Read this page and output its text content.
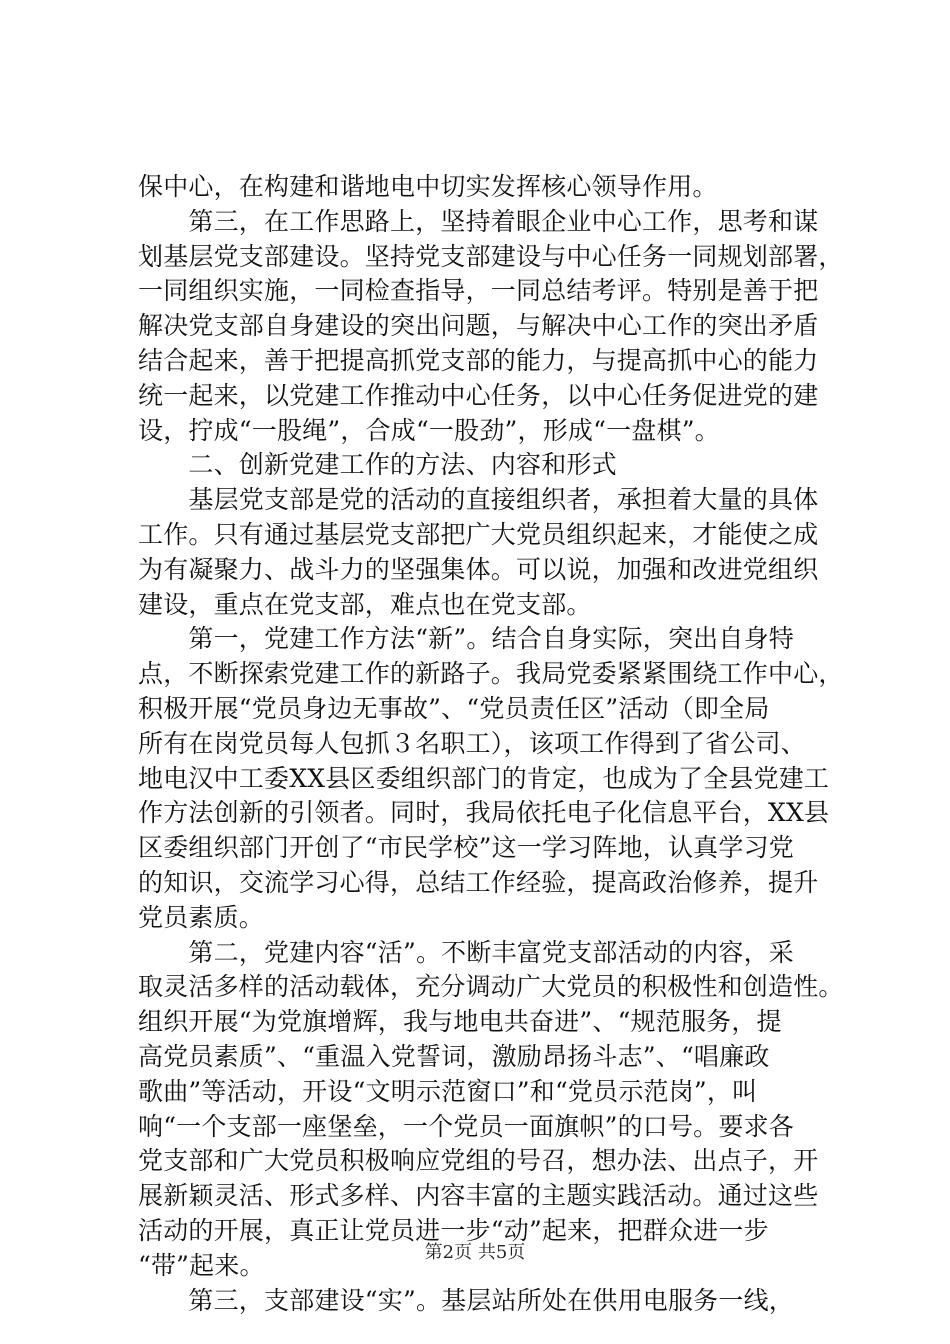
保中心，在构建和谐地电中切实发挥核心领导作用。
　　第三，在工作思路上，坚持着眼企业中心工作，思考和谋
划基层党支部建设。坚持党支部建设与中心任务一同规划部署，
一同组织实施，一同检查指导，一同总结考评。特别是善于把
解决党支部自身建设的突出问题，与解决中心工作的突出矛盾
结合起来，善于把提高抓党支部的能力，与提高抓中心的能力
统一起来，以党建工作推动中心任务，以中心任务促进党的建
设，拧成“一股绳”，合成“一股劲”，形成“一盘棋”。
　　二、创新党建工作的方法、内容和形式
　　基层党支部是党的活动的直接组织者，承担着大量的具体
工作。只有通过基层党支部把广大党员组织起来，才能使之成
为有凝聚力、战斗力的坚强集体。可以说，加强和改进党组织
建设，重点在党支部，难点也在党支部。
　　第一，党建工作方法“新”。结合自身实际，突出自身特
点，不断探索党建工作的新路子。我局党委紧紧围绕工作中心，
积极开展“党员身边无事故”、“党员责任区”活动（即全局
所有在岗党员每人包抓３名职工），该项工作得到了省公司、
地电汉中工委XX县区委组织部门的肯定，也成为了全县党建工
作方法创新的引领者。同时，我局依托电子化信息平台，XX县
区委组织部门开创了“市民学校”这一学习阵地，认真学习党
的知识，交流学习心得，总结工作经验，提高政治修养，提升
党员素质。
　　第二，党建内容“活”。不断丰富党支部活动的内容，采
取灵活多样的活动载体，充分调动广大党员的积极性和创造性。
组织开展“为党旗增辉，我与地电共奋进”、“规范服务，提
高党员素质”、“重温入党誓词，激励昂扬斗志”、“唱廉政
歌曲”等活动，开设“文明示范窗口”和“党员示范岗”，叫
响“一个支部一座堡垒，一个党员一面旗帜”的口号。要求各
党支部和广大党员积极响应党组的号召，想办法、出点子，开
展新颖灵活、形式多样、内容丰富的主题实践活动。通过这些
活动的开展，真正让党员进一步“动”起来，把群众进一步
“带”起来。
　　第三，支部建设“实”。基层站所处在供用电服务一线，
第2页 共5页
